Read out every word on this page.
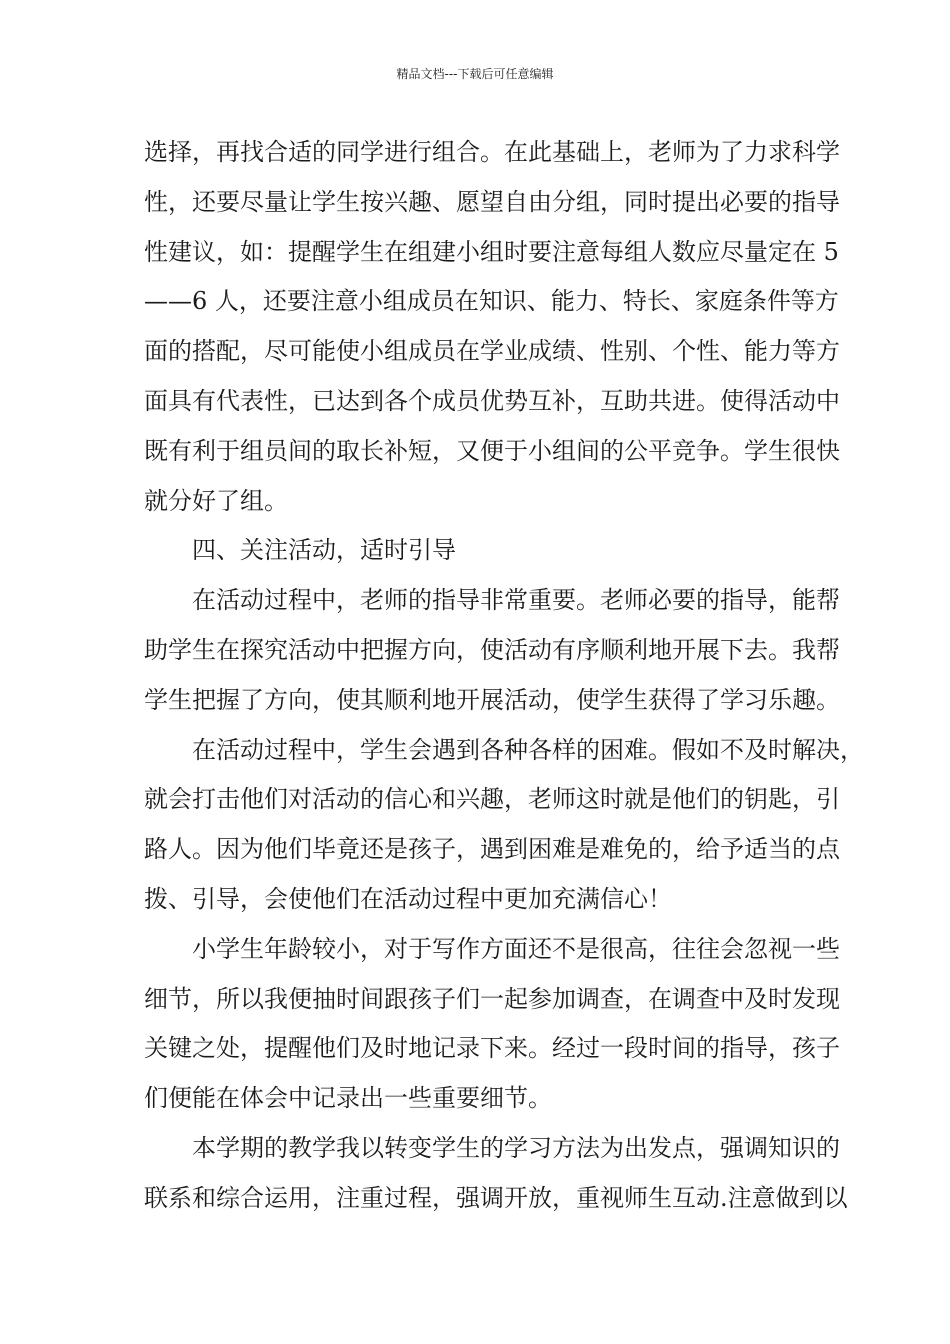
精品文档---下载后可任意编辑
选择，再找合适的同学进行组合。在此基础上，老师为了力求科学
性，还要尽量让学生按兴趣、愿望自由分组，同时提出必要的指导
性建议，如：提醒学生在组建小组时要注意每组人数应尽量定在 5
——6 人，还要注意小组成员在知识、能力、特长、家庭条件等方
面的搭配，尽可能使小组成员在学业成绩、性别、个性、能力等方
面具有代表性，已达到各个成员优势互补，互助共进。使得活动中
既有利于组员间的取长补短，又便于小组间的公平竞争。学生很快
就分好了组。
四、关注活动，适时引导
在活动过程中，老师的指导非常重要。老师必要的指导，能帮
助学生在探究活动中把握方向，使活动有序顺利地开展下去。我帮
学生把握了方向，使其顺利地开展活动，使学生获得了学习乐趣。
在活动过程中，学生会遇到各种各样的困难。假如不及时解决，
就会打击他们对活动的信心和兴趣，老师这时就是他们的钥匙，引
路人。因为他们毕竟还是孩子，遇到困难是难免的，给予适当的点
拨、引导，会使他们在活动过程中更加充满信心！
小学生年龄较小，对于写作方面还不是很高，往往会忽视一些
细节，所以我便抽时间跟孩子们一起参加调查，在调查中及时发现
关键之处，提醒他们及时地记录下来。经过一段时间的指导，孩子
们便能在体会中记录出一些重要细节。
本学期的教学我以转变学生的学习方法为出发点，强调知识的
联系和综合运用，注重过程，强调开放，重视师生互动.注意做到以
